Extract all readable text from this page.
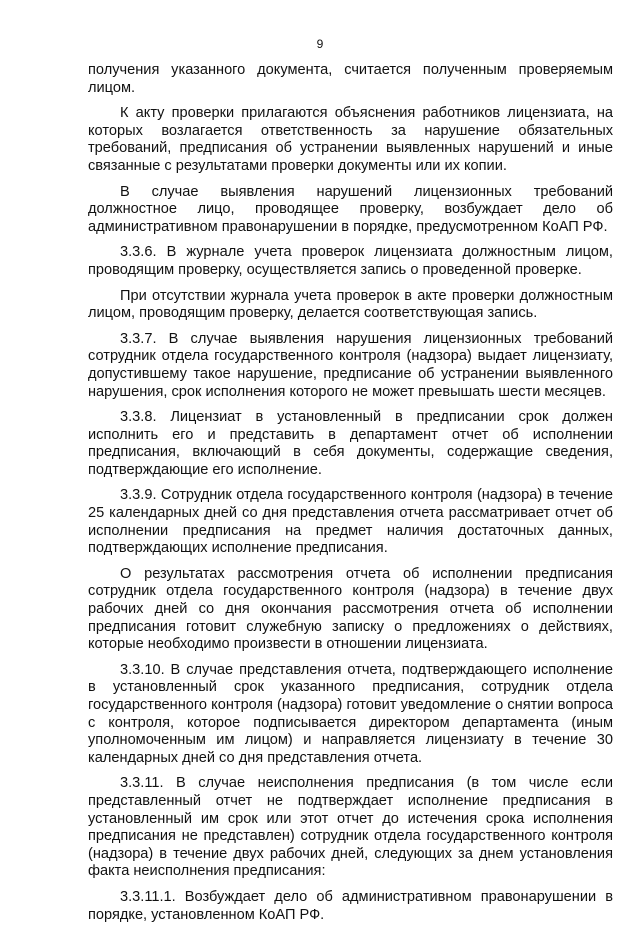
9

получения указанного документа, считается полученным проверяемым лицом.

К акту проверки прилагаются объяснения работников лицензиата, на которых возлагается ответственность за нарушение обязательных требований, предписания об устранении выявленных нарушений и иные связанные с результатами проверки документы или их копии.

В случае выявления нарушений лицензионных требований должностное лицо, проводящее проверку, возбуждает дело об административном правонарушении в порядке, предусмотренном КоАП РФ.

3.3.6. В журнале учета проверок лицензиата должностным лицом, проводящим проверку, осуществляется запись о проведенной проверке.

При отсутствии журнала учета проверок в акте проверки должностным лицом, проводящим проверку, делается соответствующая запись.

3.3.7. В случае выявления нарушения лицензионных требований сотрудник отдела государственного контроля (надзора) выдает лицензиату, допустившему такое нарушение, предписание об устранении выявленного нарушения, срок исполнения которого не может превышать шести месяцев.

3.3.8. Лицензиат в установленный в предписании срок должен исполнить его и представить в департамент отчет об исполнении предписания, включающий в себя документы, содержащие сведения, подтверждающие его исполнение.

3.3.9. Сотрудник отдела государственного контроля (надзора) в течение 25 календарных дней со дня представления отчета рассматривает отчет об исполнении предписания на предмет наличия достаточных данных, подтверждающих исполнение предписания.

О результатах рассмотрения отчета об исполнении предписания сотрудник отдела государственного контроля (надзора) в течение двух рабочих дней со дня окончания рассмотрения отчета об исполнении предписания готовит служебную записку о предложениях о действиях, которые необходимо произвести в отношении лицензиата.

3.3.10. В случае представления отчета, подтверждающего исполнение в установленный срок указанного предписания, сотрудник отдела государственного контроля (надзора) готовит уведомление о снятии вопроса с контроля, которое подписывается директором департамента (иным уполномоченным им лицом) и направляется лицензиату в течение 30 календарных дней со дня представления отчета.

3.3.11. В случае неисполнения предписания (в том числе если представленный отчет не подтверждает исполнение предписания в установленный им срок или этот отчет до истечения срока исполнения предписания не представлен) сотрудник отдела государственного контроля (надзора) в течение двух рабочих дней, следующих за днем установления факта неисполнения предписания:

3.3.11.1. Возбуждает дело об административном правонарушении в порядке, установленном КоАП РФ.
